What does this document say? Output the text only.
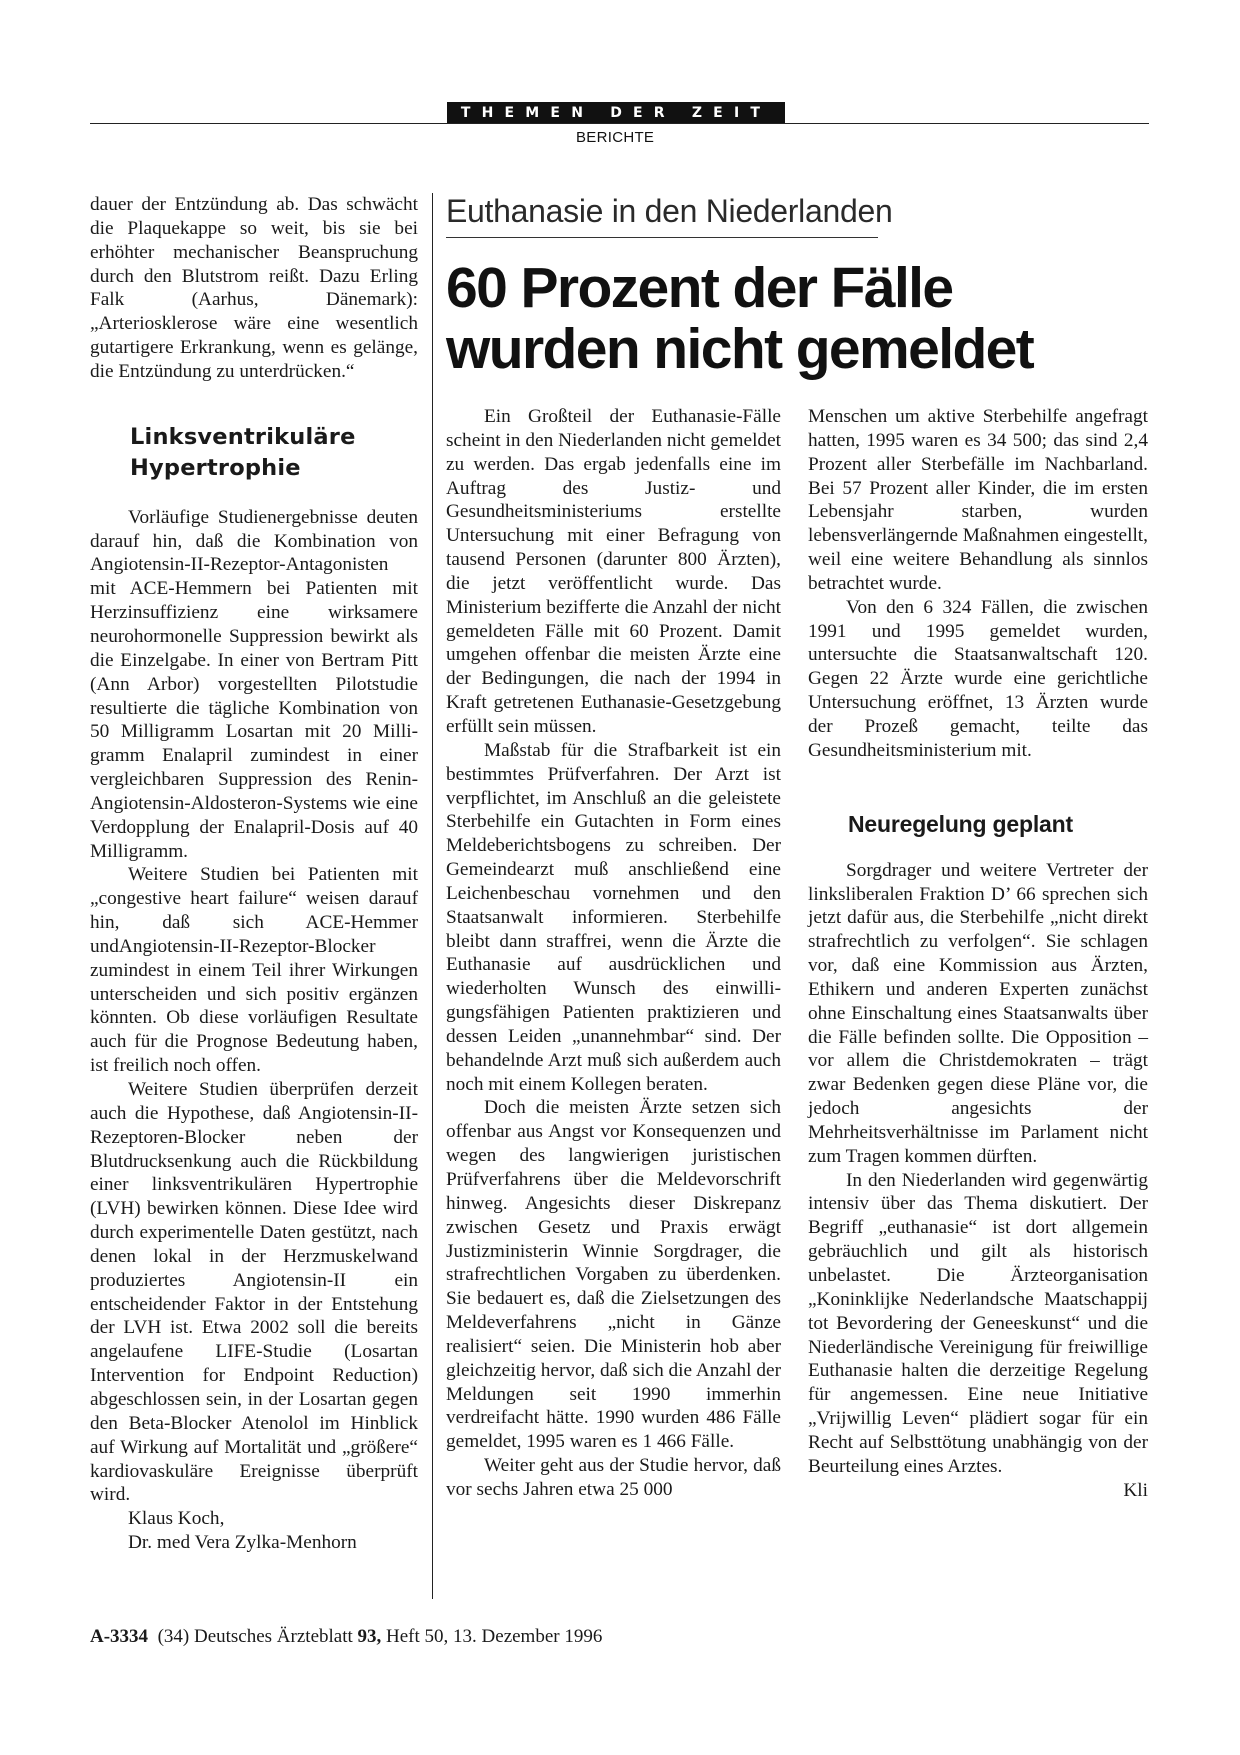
THEMEN DER ZEIT
BERICHTE

dauer der Entzündung ab. Das schwächt die Plaquekappe so weit, bis sie bei erhöhter mechanischer Beanspruchung durch den Blutstrom reißt. Dazu Erling Falk (Aarhus, Dänemark): „Arteriosklerose wäre eine wesentlich gutartigere Erkrankung, wenn es gelänge, die Entzündung zu unterdrücken.“

Linksventrikuläre Hypertrophie

Vorläufige Studienergebnisse deuten darauf hin, daß die Kombination von Angiotensin-II-Rezeptor-Antagonisten mit ACE-Hemmern bei Patienten mit Herzinsuffizienz eine wirksamere neurohormonelle Suppression bewirkt als die Einzelgabe. In einer von Bertram Pitt (Ann Arbor) vorgestellten Pilotstudie resultierte die tägliche Kombination von 50 Milligramm Losartan mit 20 Milligramm Enalapril zumindest in einer vergleichbaren Suppression des Renin-Angiotensin-Aldosteron-Systems wie eine Verdopplung der Enalapril-Dosis auf 40 Milligramm.

Weitere Studien bei Patienten mit „congestive heart failure“ weisen darauf hin, daß sich ACE-Hemmer undAngiotensin-II-Rezeptor-Blocker zumindest in einem Teil ihrer Wirkungen unterscheiden und sich positiv ergänzen könnten. Ob diese vorläufigen Resultate auch für die Prognose Bedeutung haben, ist freilich noch offen.

Weitere Studien überprüfen derzeit auch die Hypothese, daß Angiotensin-II-Rezeptoren-Blocker neben der Blutdrucksenkung auch die Rückbildung einer linksventrikulären Hypertrophie (LVH) bewirken können. Diese Idee wird durch experimentelle Daten gestützt, nach denen lokal in der Herzmuskelwand produziertes Angiotensin-II ein entscheidender Faktor in der Entstehung der LVH ist. Etwa 2002 soll die bereits angelaufene LIFE-Studie (Losartan Intervention for Endpoint Reduction) abgeschlossen sein, in der Losartan gegen den Beta-Blocker Atenolol im Hinblick auf Wirkung auf Mortalität und „größere“ kardiovaskuläre Ereignisse überprüft wird.

Klaus Koch,

Dr. med Vera Zylka-Menhorn

Euthanasie in den Niederlanden
60 Prozent der Fälle
wurden nicht gemeldet

Ein Großteil der Euthanasie-Fälle scheint in den Niederlanden nicht gemeldet zu werden. Das ergab jedenfalls eine im Auftrag des Justiz- und Gesundheitsministeriums erstellte Untersuchung mit einer Befragung von tausend Personen (darunter 800 Ärzten), die jetzt veröffentlicht wurde. Das Ministerium bezifferte die Anzahl der nicht gemeldeten Fälle mit 60 Prozent. Damit umgehen offenbar die meisten Ärzte eine der Bedingungen, die nach der 1994 in Kraft getretenen Euthanasie-Gesetzgebung erfüllt sein müssen.

Maßstab für die Strafbarkeit ist ein bestimmtes Prüfverfahren. Der Arzt ist verpflichtet, im Anschluß an die geleistete Sterbehilfe ein Gutachten in Form eines Meldeberichtsbogens zu schreiben. Der Gemeindearzt muß anschließend eine Leichenbeschau vornehmen und den Staatsanwalt informieren. Sterbehilfe bleibt dann straffrei, wenn die Ärzte die Euthanasie auf ausdrücklichen und wiederholten Wunsch des einwilligungsfähigen Patienten praktizieren und dessen Leiden „unannehmbar“ sind. Der behandelnde Arzt muß sich außerdem auch noch mit einem Kollegen beraten.

Doch die meisten Ärzte setzen sich offenbar aus Angst vor Konsequenzen und wegen des langwierigen juristischen Prüfverfahrens über die Meldevorschrift hinweg. Angesichts dieser Diskrepanz zwischen Gesetz und Praxis erwägt Justizministerin Winnie Sorgdrager, die strafrechtlichen Vorgaben zu überdenken. Sie bedauert es, daß die Zielsetzungen des Meldeverfahrens „nicht in Gänze realisiert“ seien. Die Ministerin hob aber gleichzeitig hervor, daß sich die Anzahl der Meldungen seit 1990 immerhin verdreifacht hätte. 1990 wurden 486 Fälle gemeldet, 1995 waren es 1 466 Fälle.

Weiter geht aus der Studie hervor, daß vor sechs Jahren etwa 25 000

Menschen um aktive Sterbehilfe angefragt hatten, 1995 waren es 34 500; das sind 2,4 Prozent aller Sterbefälle im Nachbarland. Bei 57 Prozent aller Kinder, die im ersten Lebensjahr starben, wurden lebensverlängernde Maßnahmen eingestellt, weil eine weitere Behandlung als sinnlos betrachtet wurde.

Von den 6 324 Fällen, die zwischen 1991 und 1995 gemeldet wurden, untersuchte die Staatsanwaltschaft 120. Gegen 22 Ärzte wurde eine gerichtliche Untersuchung eröffnet, 13 Ärzten wurde der Prozeß gemacht, teilte das Gesundheitsministerium mit.

Neuregelung geplant

Sorgdrager und weitere Vertreter der linksliberalen Fraktion D’ 66 sprechen sich jetzt dafür aus, die Sterbehilfe „nicht direkt strafrechtlich zu verfolgen“. Sie schlagen vor, daß eine Kommission aus Ärzten, Ethikern und anderen Experten zunächst ohne Einschaltung eines Staatsanwalts über die Fälle befinden sollte. Die Opposition – vor allem die Christdemokraten – trägt zwar Bedenken gegen diese Pläne vor, die jedoch angesichts der Mehrheitsverhältnisse im Parlament nicht zum Tragen kommen dürften.

In den Niederlanden wird gegenwärtig intensiv über das Thema diskutiert. Der Begriff „euthanasie“ ist dort allgemein gebräuchlich und gilt als historisch unbelastet. Die Ärzteorganisation „Koninklijke Nederlandsche Maatschappij tot Bevordering der Geneeskunst“ und die Niederländische Vereinigung für freiwillige Euthanasie halten die derzeitige Regelung für angemessen. Eine neue Initiative „Vrijwillig Leven“ plädiert sogar für ein Recht auf Selbsttötung unabhängig von der Beurteilung eines Arztes.

Kli

A-3334 (34) Deutsches Ärzteblatt 93, Heft 50, 13. Dezember 1996
